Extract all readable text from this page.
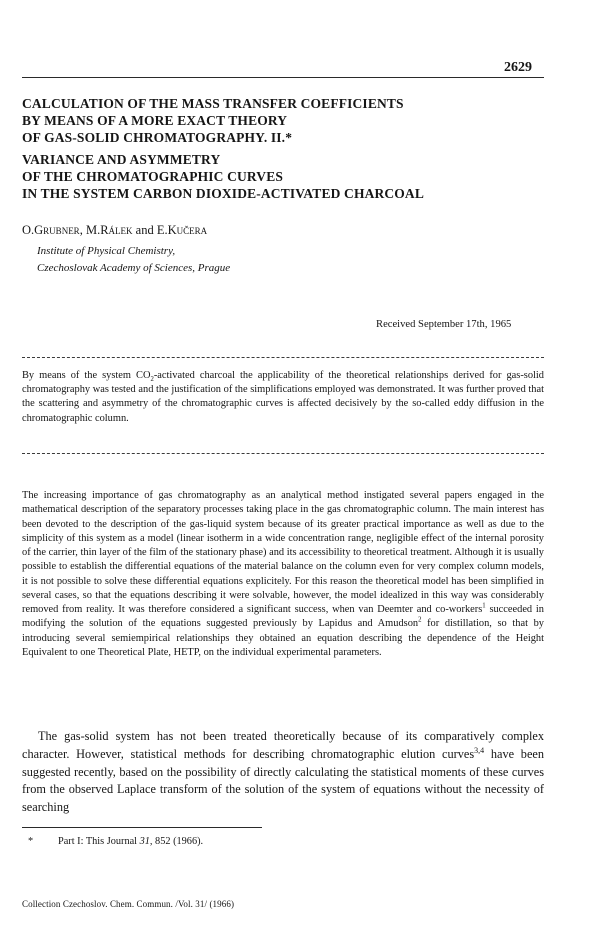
2629
CALCULATION OF THE MASS TRANSFER COEFFICIENTS
BY MEANS OF A MORE EXACT THEORY
OF GAS-SOLID CHROMATOGRAPHY. II.*
VARIANCE AND ASYMMETRY
OF THE CHROMATOGRAPHIC CURVES
IN THE SYSTEM CARBON DIOXIDE-ACTIVATED CHARCOAL
O.Grubner, M.Rálek and E.Kučera
Institute of Physical Chemistry,
Czechoslovak Academy of Sciences, Prague
Received September 17th, 1965
By means of the system $CO_2$-activated charcoal the applicability of the theoretical relationships derived for gas-solid chromatography was tested and the justification of the simplifications employed was demonstrated. It was further proved that the scattering and asymmetry of the chromatographic curves is affected decisively by the so-called eddy diffusion in the chromatographic column.
The increasing importance of gas chromatography as an analytical method instigated several papers engaged in the mathematical description of the separatory processes taking place in the gas chromatographic column. The main interest has been devoted to the description of the gas-liquid system because of its greater practical importance as well as due to the simplicity of this system as a model (linear isotherm in a wide concentration range, negligible effect of the internal porosity of the carrier, thin layer of the film of the stationary phase) and its accessibility to theoretical treatment. Although it is usually possible to establish the differential equations of the material balance on the column even for very complex column models, it is not possible to solve these differential equations explicitely. For this reason the theoretical model has been simplified in several cases, so that the equations describing it were solvable, however, the model idealized in this way was considerably removed from reality. It was therefore considered a significant success, when van Deemter and co-workers$^1$ succeeded in modifying the solution of the equations suggested previously by Lapidus and Amudson$^2$ for distillation, so that by introducing several semiempirical relationships they obtained an equation describing the dependence of the Height Equivalent to one Theoretical Plate, HETP, on the individual experimental parameters.
The gas-solid system has not been treated theoretically because of its comparatively complex character. However, statistical methods for describing chromatographic elution curves$^{3,4}$ have been suggested recently, based on the possibility of directly calculating the statistical moments of these curves from the observed Laplace transform of the solution of the system of equations without the necessity of searching
* Part I: This Journal 31, 852 (1966).
Collection Czechoslov. Chem. Commun. /Vol. 31/ (1966)
